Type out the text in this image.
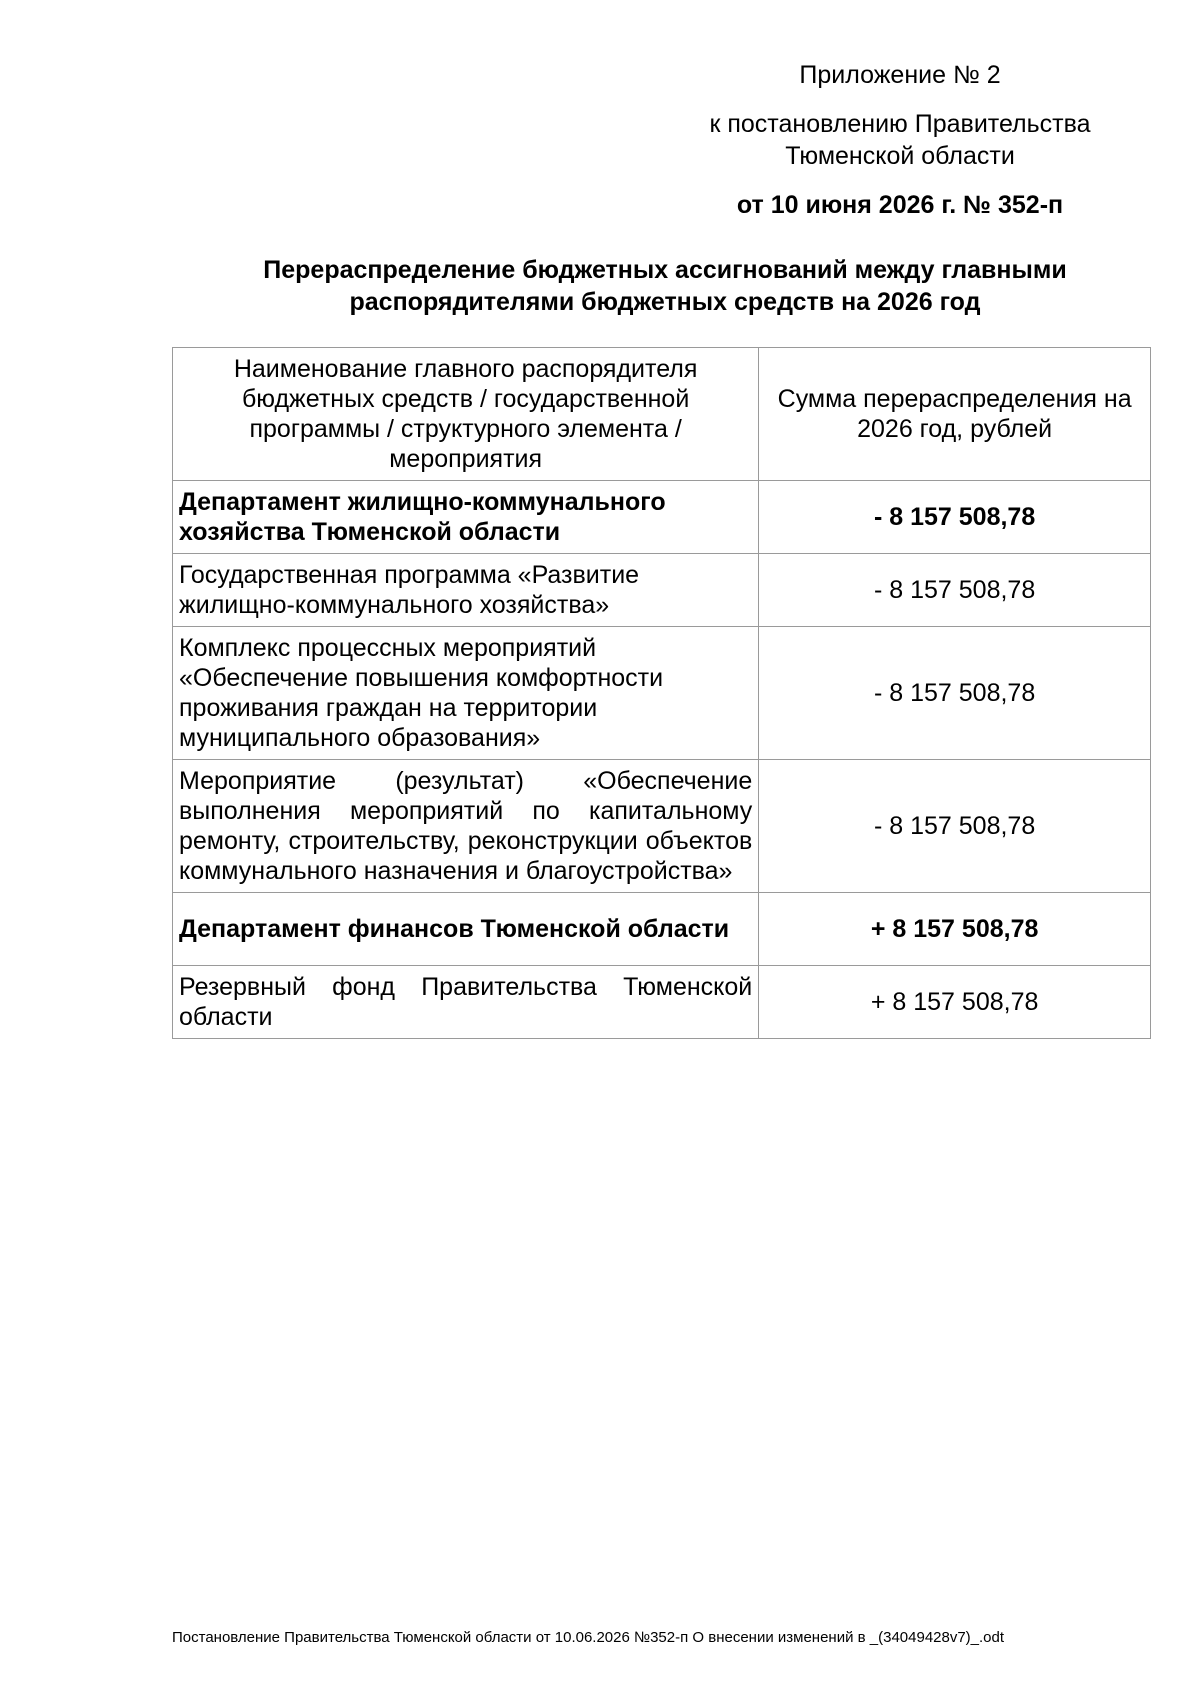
Приложение № 2

к постановлению Правительства
Тюменской области

от 10 июня 2026 г. № 352-п

Перераспределение бюджетных ассигнований между главными
распорядителями бюджетных средств на 2026 год
Наименование главного распорядителя бюджетных средств / государственной программы / структурного элемента / мероприятия	Сумма перераспределения на 2026 год, рублей
Департамент жилищно-коммунального хозяйства Тюменской области	- 8 157 508,78
Государственная программа «Развитие жилищно-коммунального хозяйства»	- 8 157 508,78
Комплекс процессных мероприятий «Обеспечение повышения комфортности проживания граждан на территории муниципального образования»	- 8 157 508,78
Мероприятие (результат) «Обеспечение выполнения мероприятий по капитальному ремонту, строительству, реконструкции объектов коммунального назначения и благоустройства»	- 8 157 508,78
Департамент финансов Тюменской области	+ 8 157 508,78
Резервный фонд Правительства Тюменской области	+ 8 157 508,78
Постановление Правительства Тюменской области от 10.06.2026 №352-п О внесении изменений в _(34049428v7)_.odt
